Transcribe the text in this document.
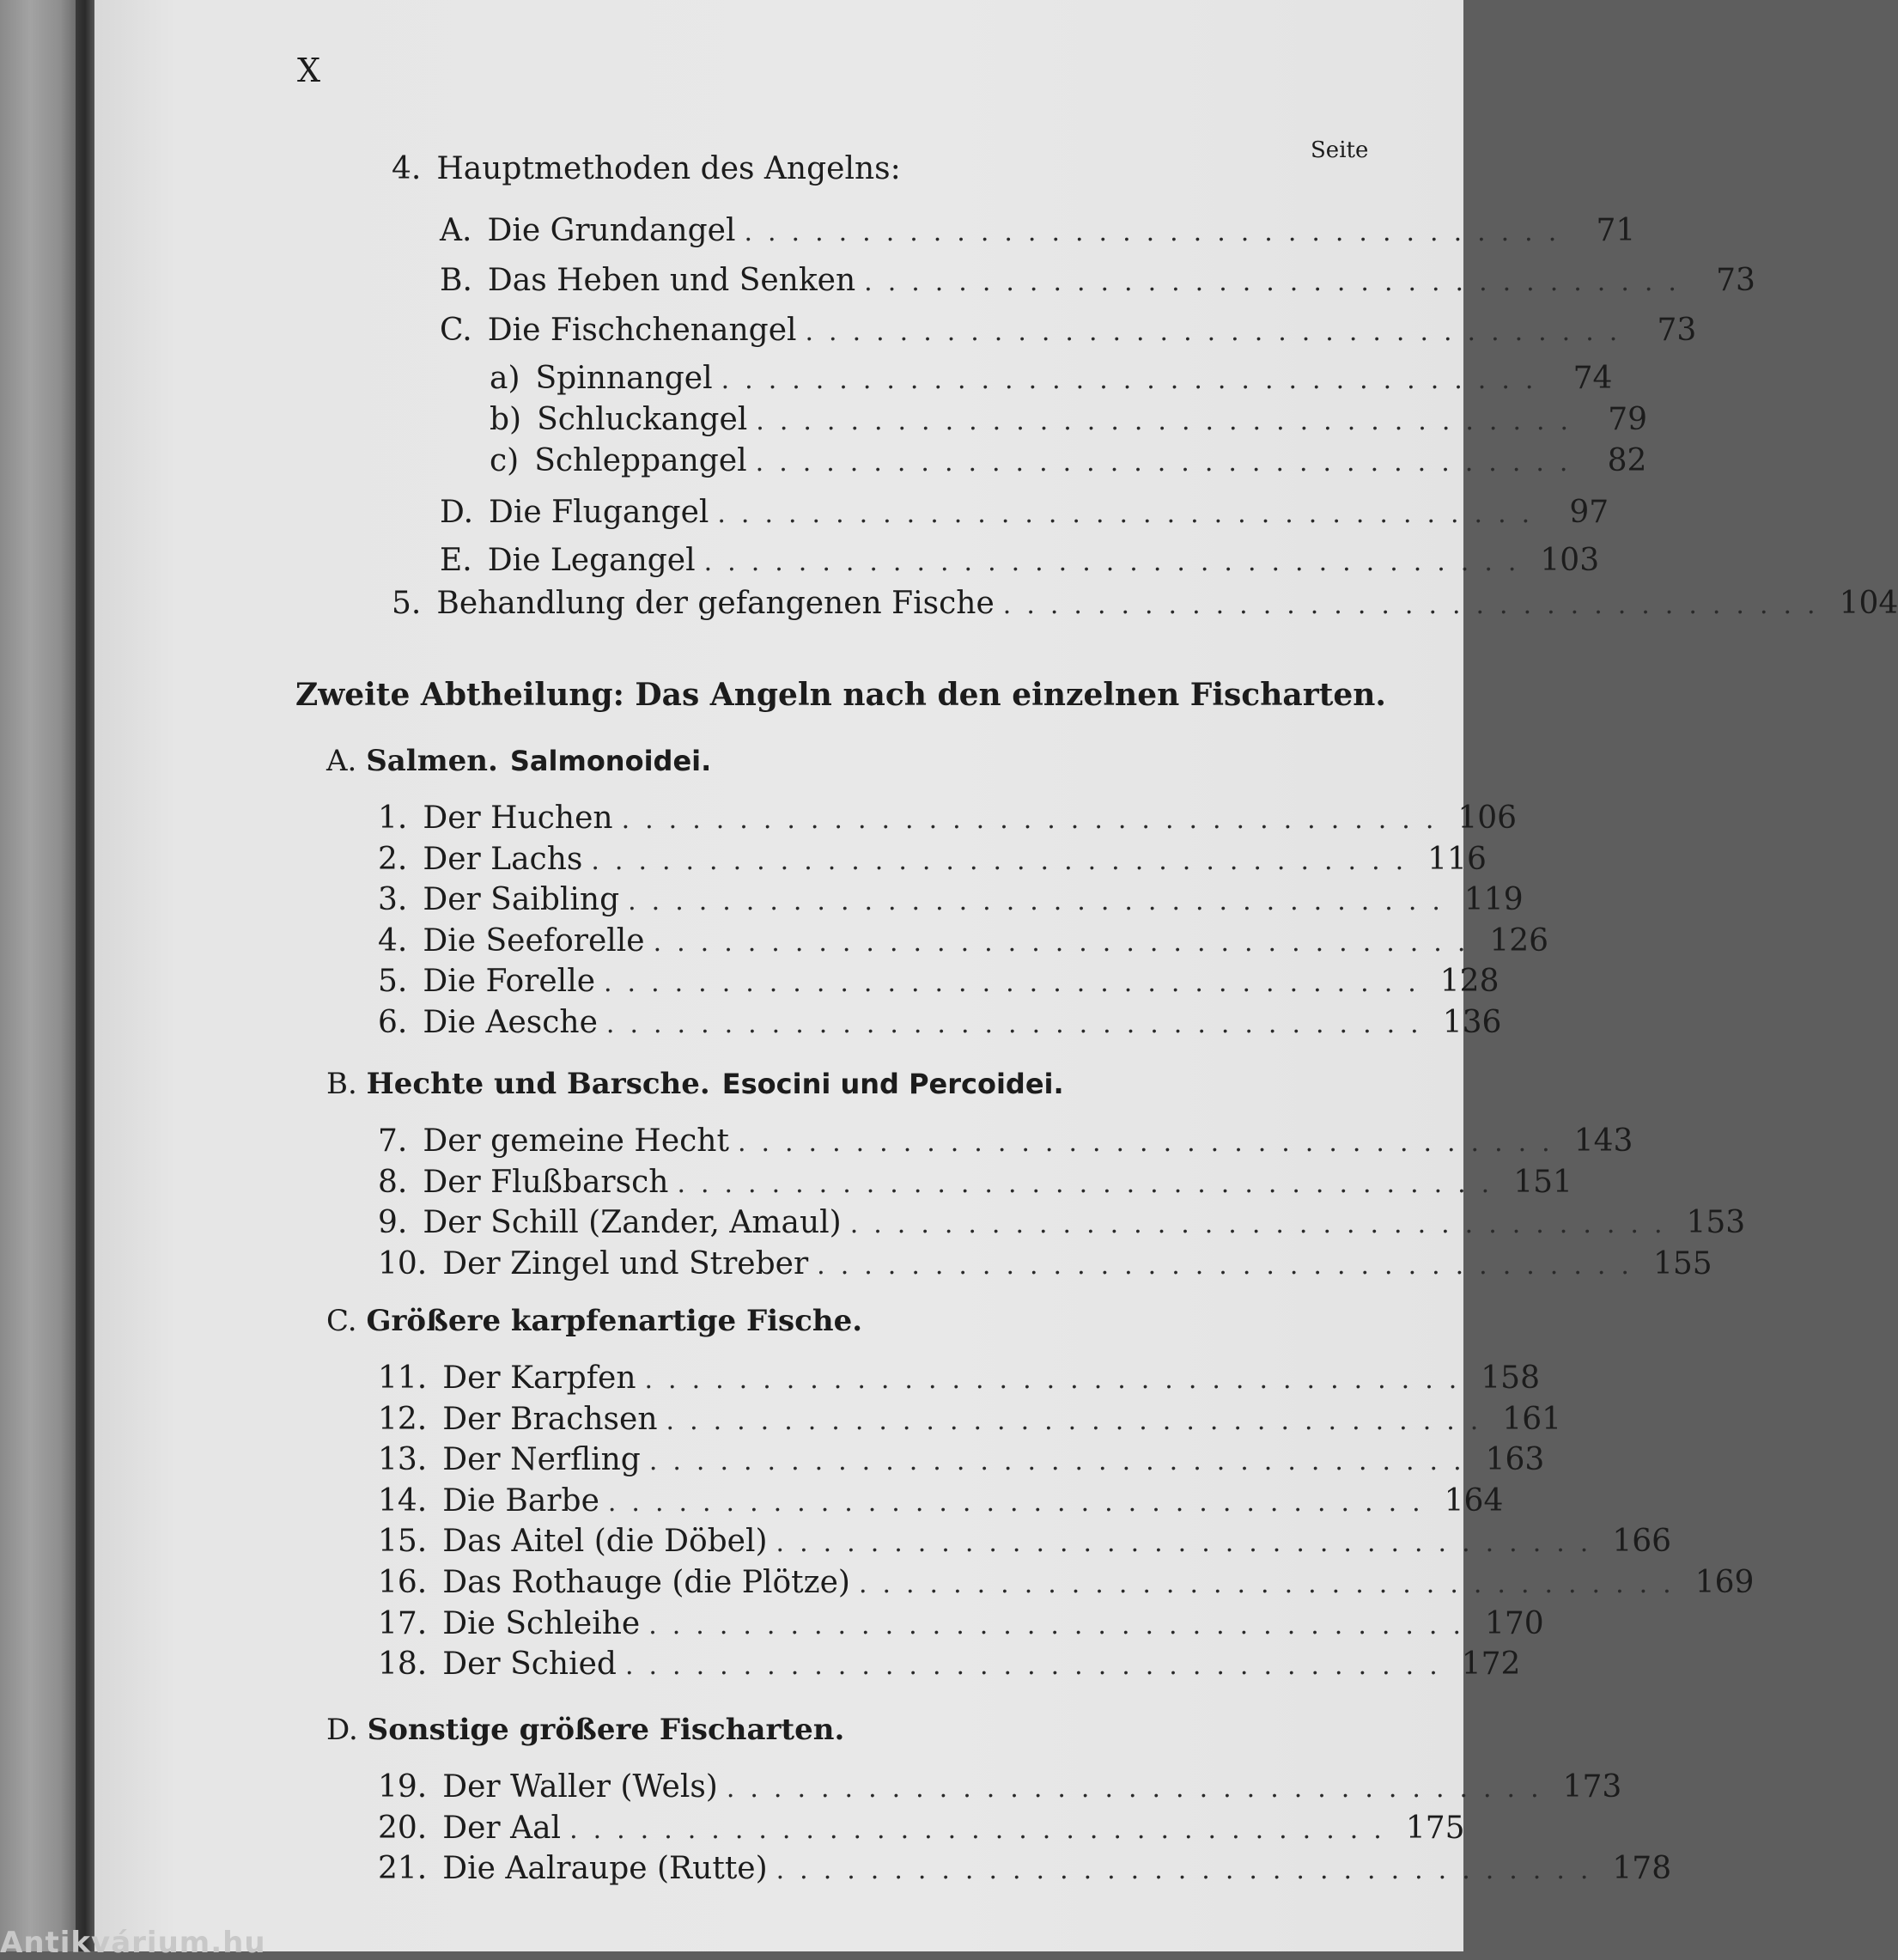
X
Seite
4. Hauptmethoden des Angelns:
A. Die Grundangel ................................... 71
B. Das Heben und Senken ................................... 73
C. Die Fischchenangel ................................... 73
a) Spinnangel ................................... 74
b) Schluckangel ................................... 79
c) Schleppangel ................................... 82
D. Die Flugangel ................................... 97
E. Die Legangel ................................... 103
5. Behandlung der gefangenen Fische ................................... 104
Zweite Abtheilung: Das Angeln nach den einzelnen Fischarten.
A. Salmen. Salmonoidei.
1. Der Huchen ................................... 106
2. Der Lachs ................................... 116
3. Der Saibling ................................... 119
4. Die Seeforelle ................................... 126
5. Die Forelle ................................... 128
6. Die Aesche ................................... 136
B. Hechte und Barsche. Esocini und Percoidei.
7. Der gemeine Hecht ................................... 143
8. Der Flußbarsch ................................... 151
9. Der Schill (Zander, Amaul) ................................... 153
10. Der Zingel und Streber ................................... 155
C. Größere karpfenartige Fische.
11. Der Karpfen ................................... 158
12. Der Brachsen ................................... 161
13. Der Nerfling ................................... 163
14. Die Barbe ................................... 164
15. Das Aitel (die Döbel) ................................... 166
16. Das Rothauge (die Plötze) ................................... 169
17. Die Schleihe ................................... 170
18. Der Schied ................................... 172
D. Sonstige größere Fischarten.
19. Der Waller (Wels) ................................... 173
20. Der Aal ................................... 175
21. Die Aalraupe (Rutte) ................................... 178
Antikvárium.hu
